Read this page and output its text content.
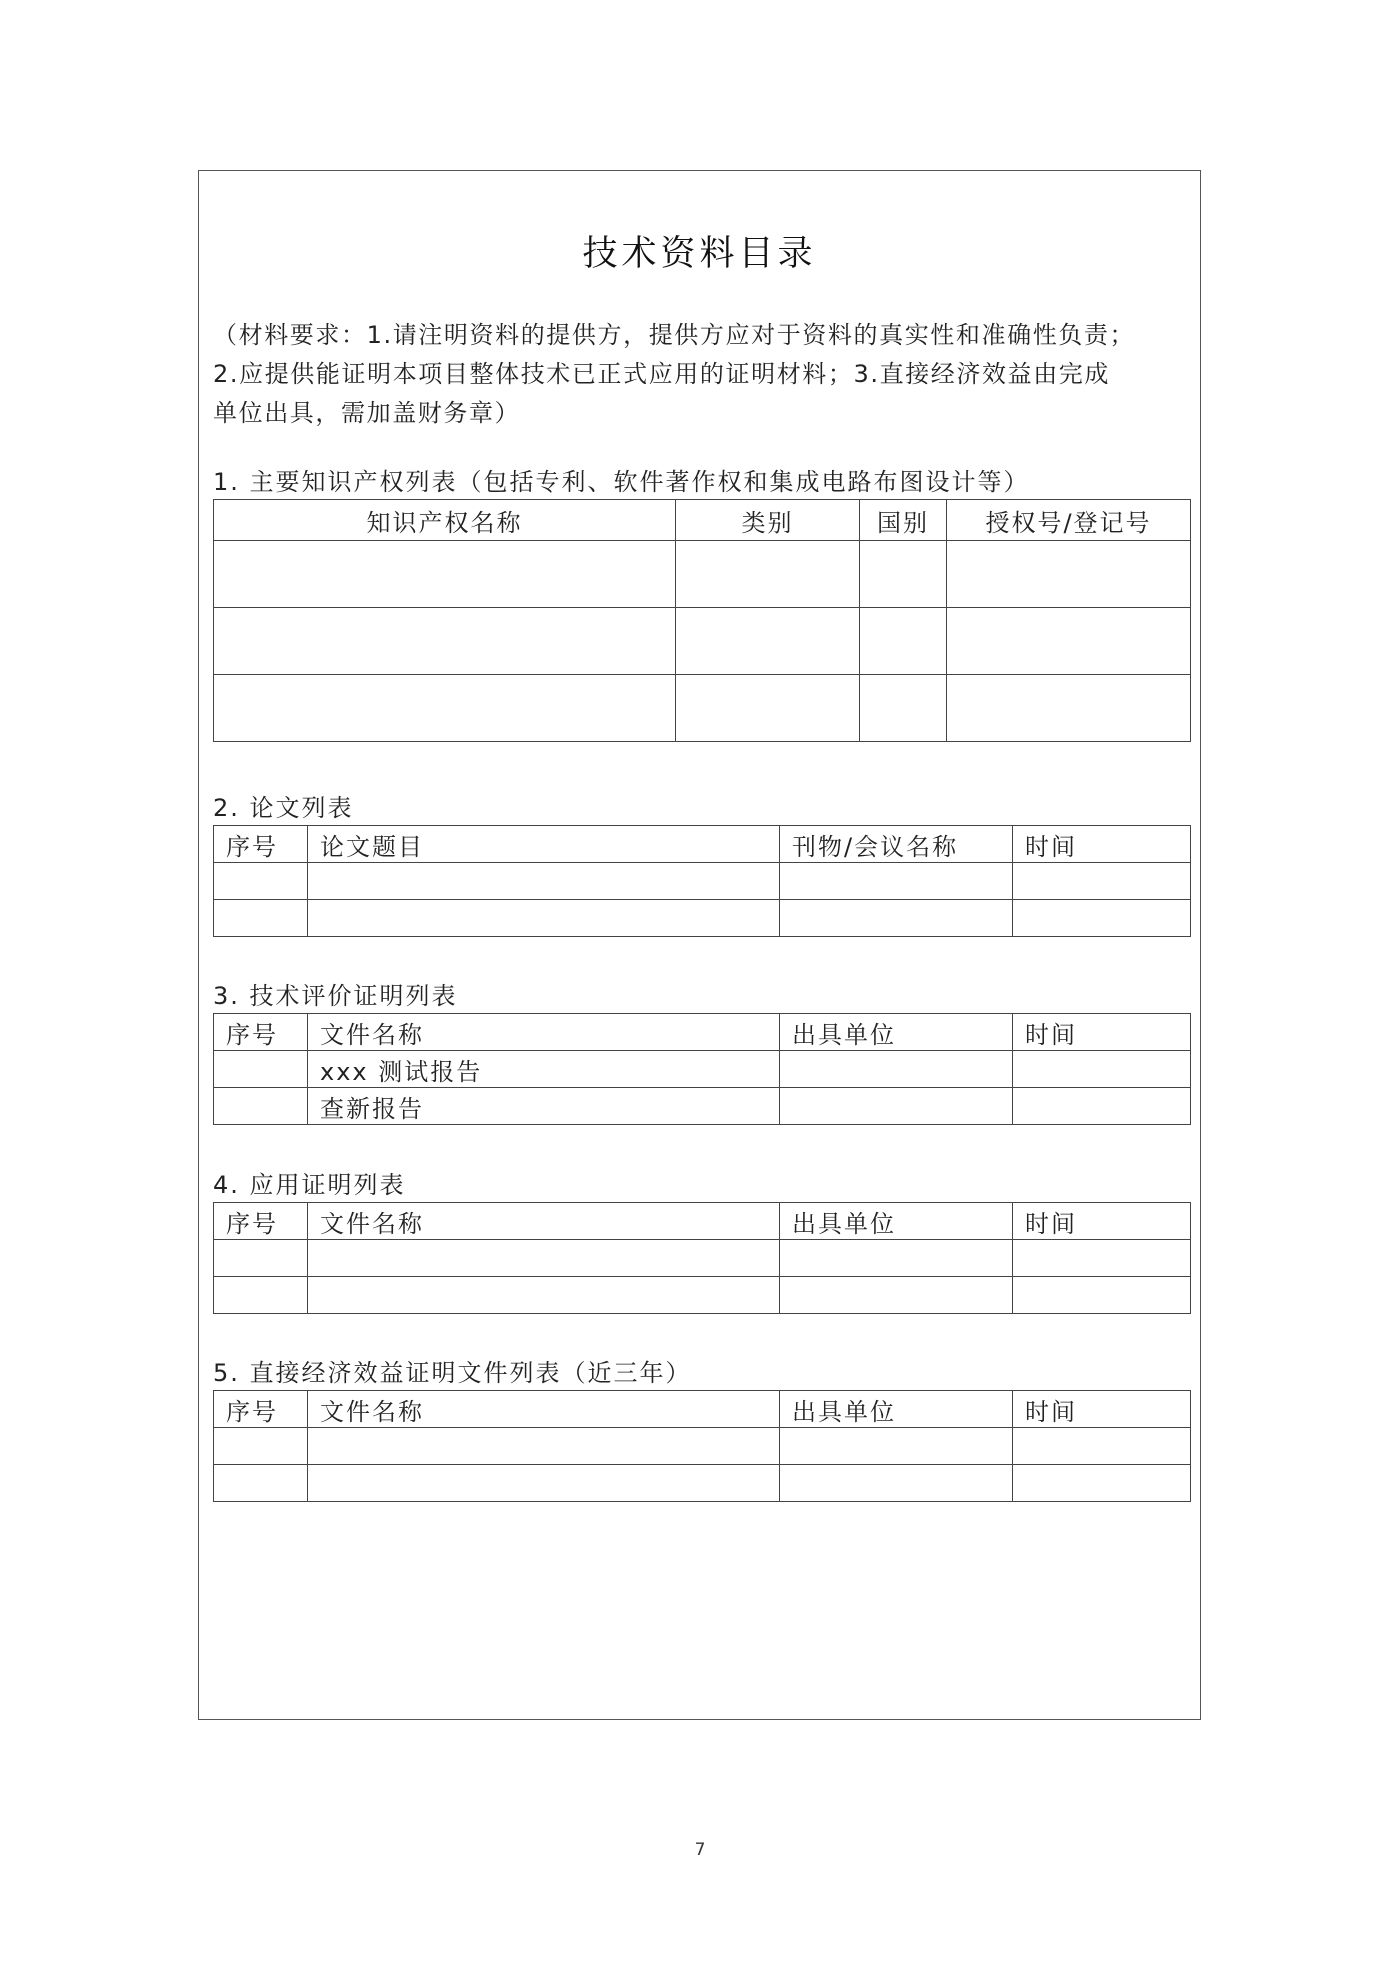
技术资料目录
（材料要求：1.请注明资料的提供方，提供方应对于资料的真实性和准确性负责；
2.应提供能证明本项目整体技术已正式应用的证明材料；3.直接经济效益由完成
单位出具，需加盖财务章）
1. 主要知识产权列表（包括专利、软件著作权和集成电路布图设计等）
知识产权名称	类别	国别	授权号/登记号

2. 论文列表
序号	论文题目	刊物/会议名称	时间

3. 技术评价证明列表
序号	文件名称	出具单位	时间
	xxx 测试报告		
	查新报告		
4. 应用证明列表
序号	文件名称	出具单位	时间

5. 直接经济效益证明文件列表（近三年）
序号	文件名称	出具单位	时间

7
